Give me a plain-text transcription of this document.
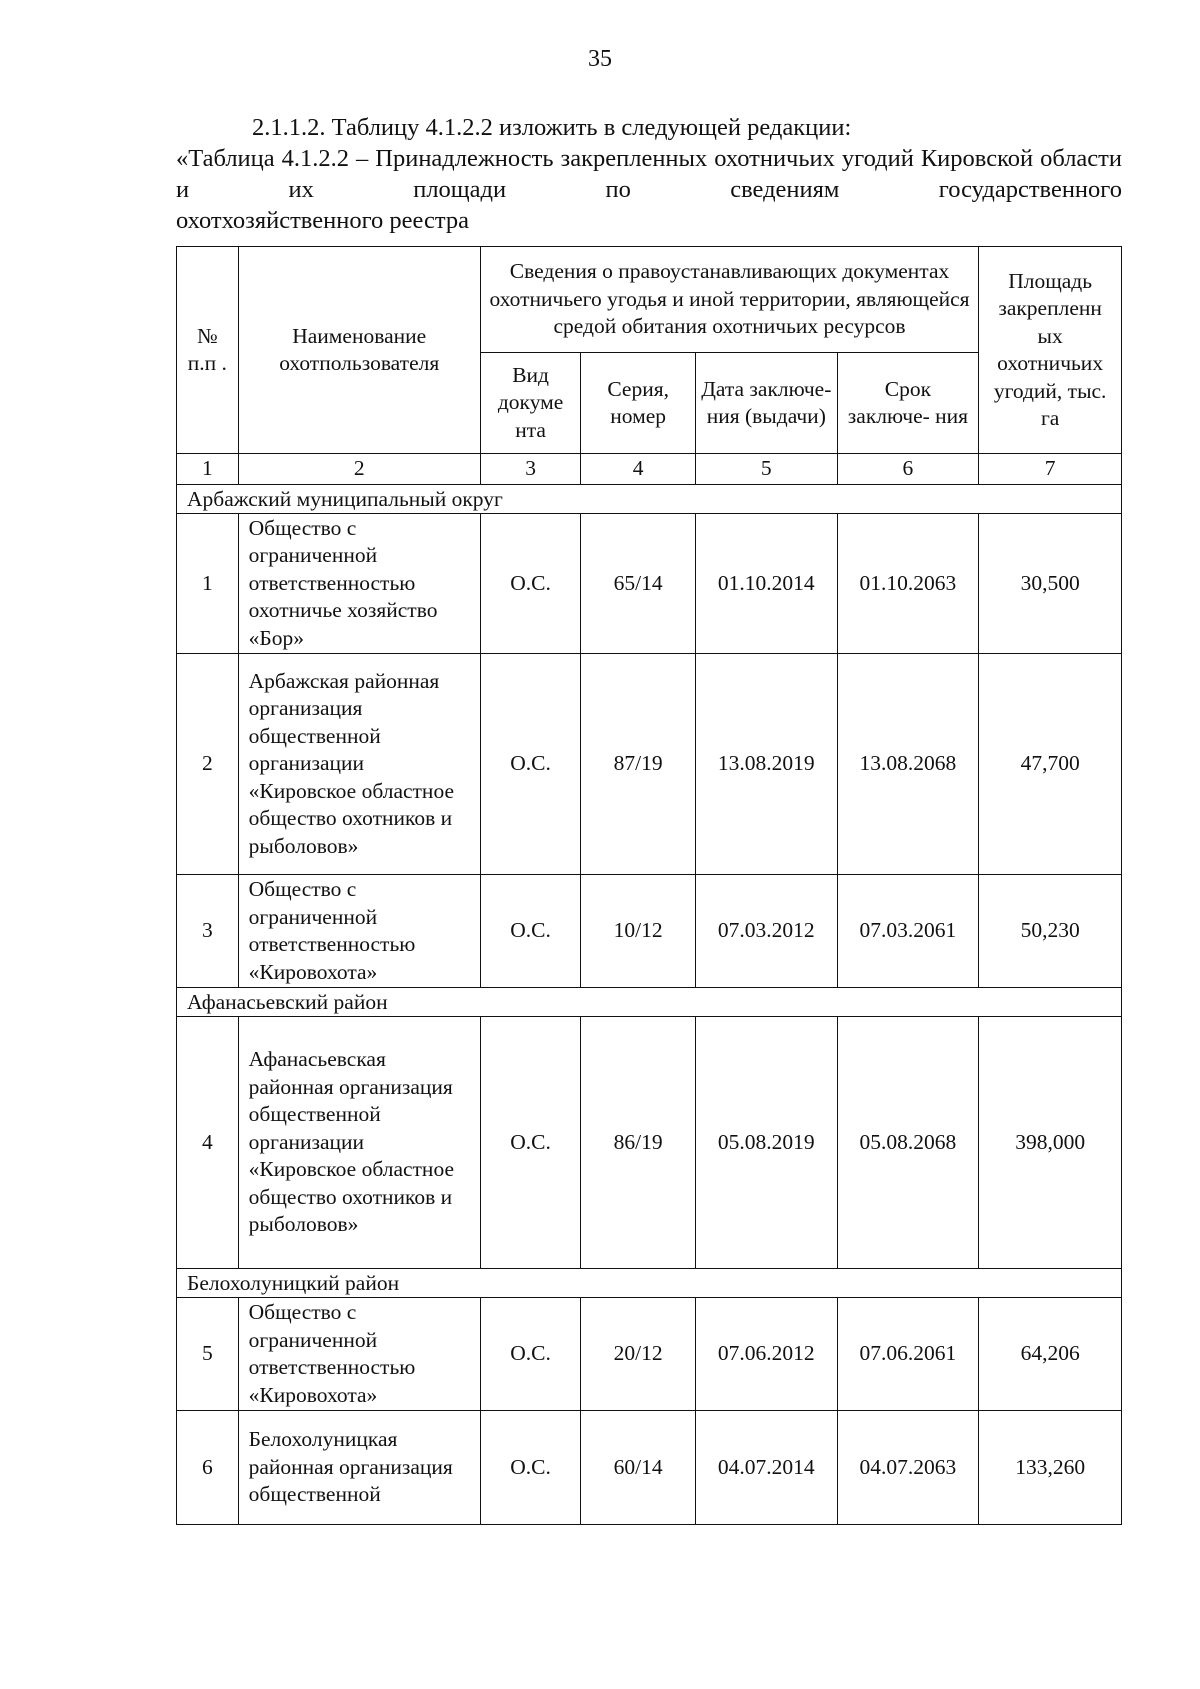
35

2.1.1.2. Таблицу 4.1.2.2 изложить в следующей редакции:

«Таблица 4.1.2.2 – Принадлежность закрепленных охотничьих угодий Кировской области и их площади по сведениям государственного

охотхозяйственного реестра

№ п.п .	Наименование охотпользователя	Сведения о правоустанавливающих документах охотничьего угодья и иной территории, являющейся средой обитания охотничьих ресурсов				Площадь закрепленн ых охотничьих угодий, тыс. га
		Вид докуме нта	Серия, номер	Дата заключе- ния (выдачи)	Срок заключе- ния	
1	2	3	4	5	6	7
Арбажский муниципальный округ						
1	Общество с ограниченной ответственностью охотничье хозяйство «Бор»	О.С.	65/14	01.10.2014	01.10.2063	30,500
2	Арбажская районная организация общественной организации «Кировское областное общество охотников и рыболовов»	О.С.	87/19	13.08.2019	13.08.2068	47,700
3	Общество с ограниченной ответственностью «Кировохота»	О.С.	10/12	07.03.2012	07.03.2061	50,230
Афанасьевский район						
4	Афанасьевская районная организация общественной организации «Кировское областное общество охотников и рыболовов»	О.С.	86/19	05.08.2019	05.08.2068	398,000
Белохолуницкий район						
5	Общество с ограниченной ответственностью «Кировохота»	О.С.	20/12	07.06.2012	07.06.2061	64,206
6	Белохолуницкая районная организация общественной	О.С.	60/14	04.07.2014	04.07.2063	133,260
